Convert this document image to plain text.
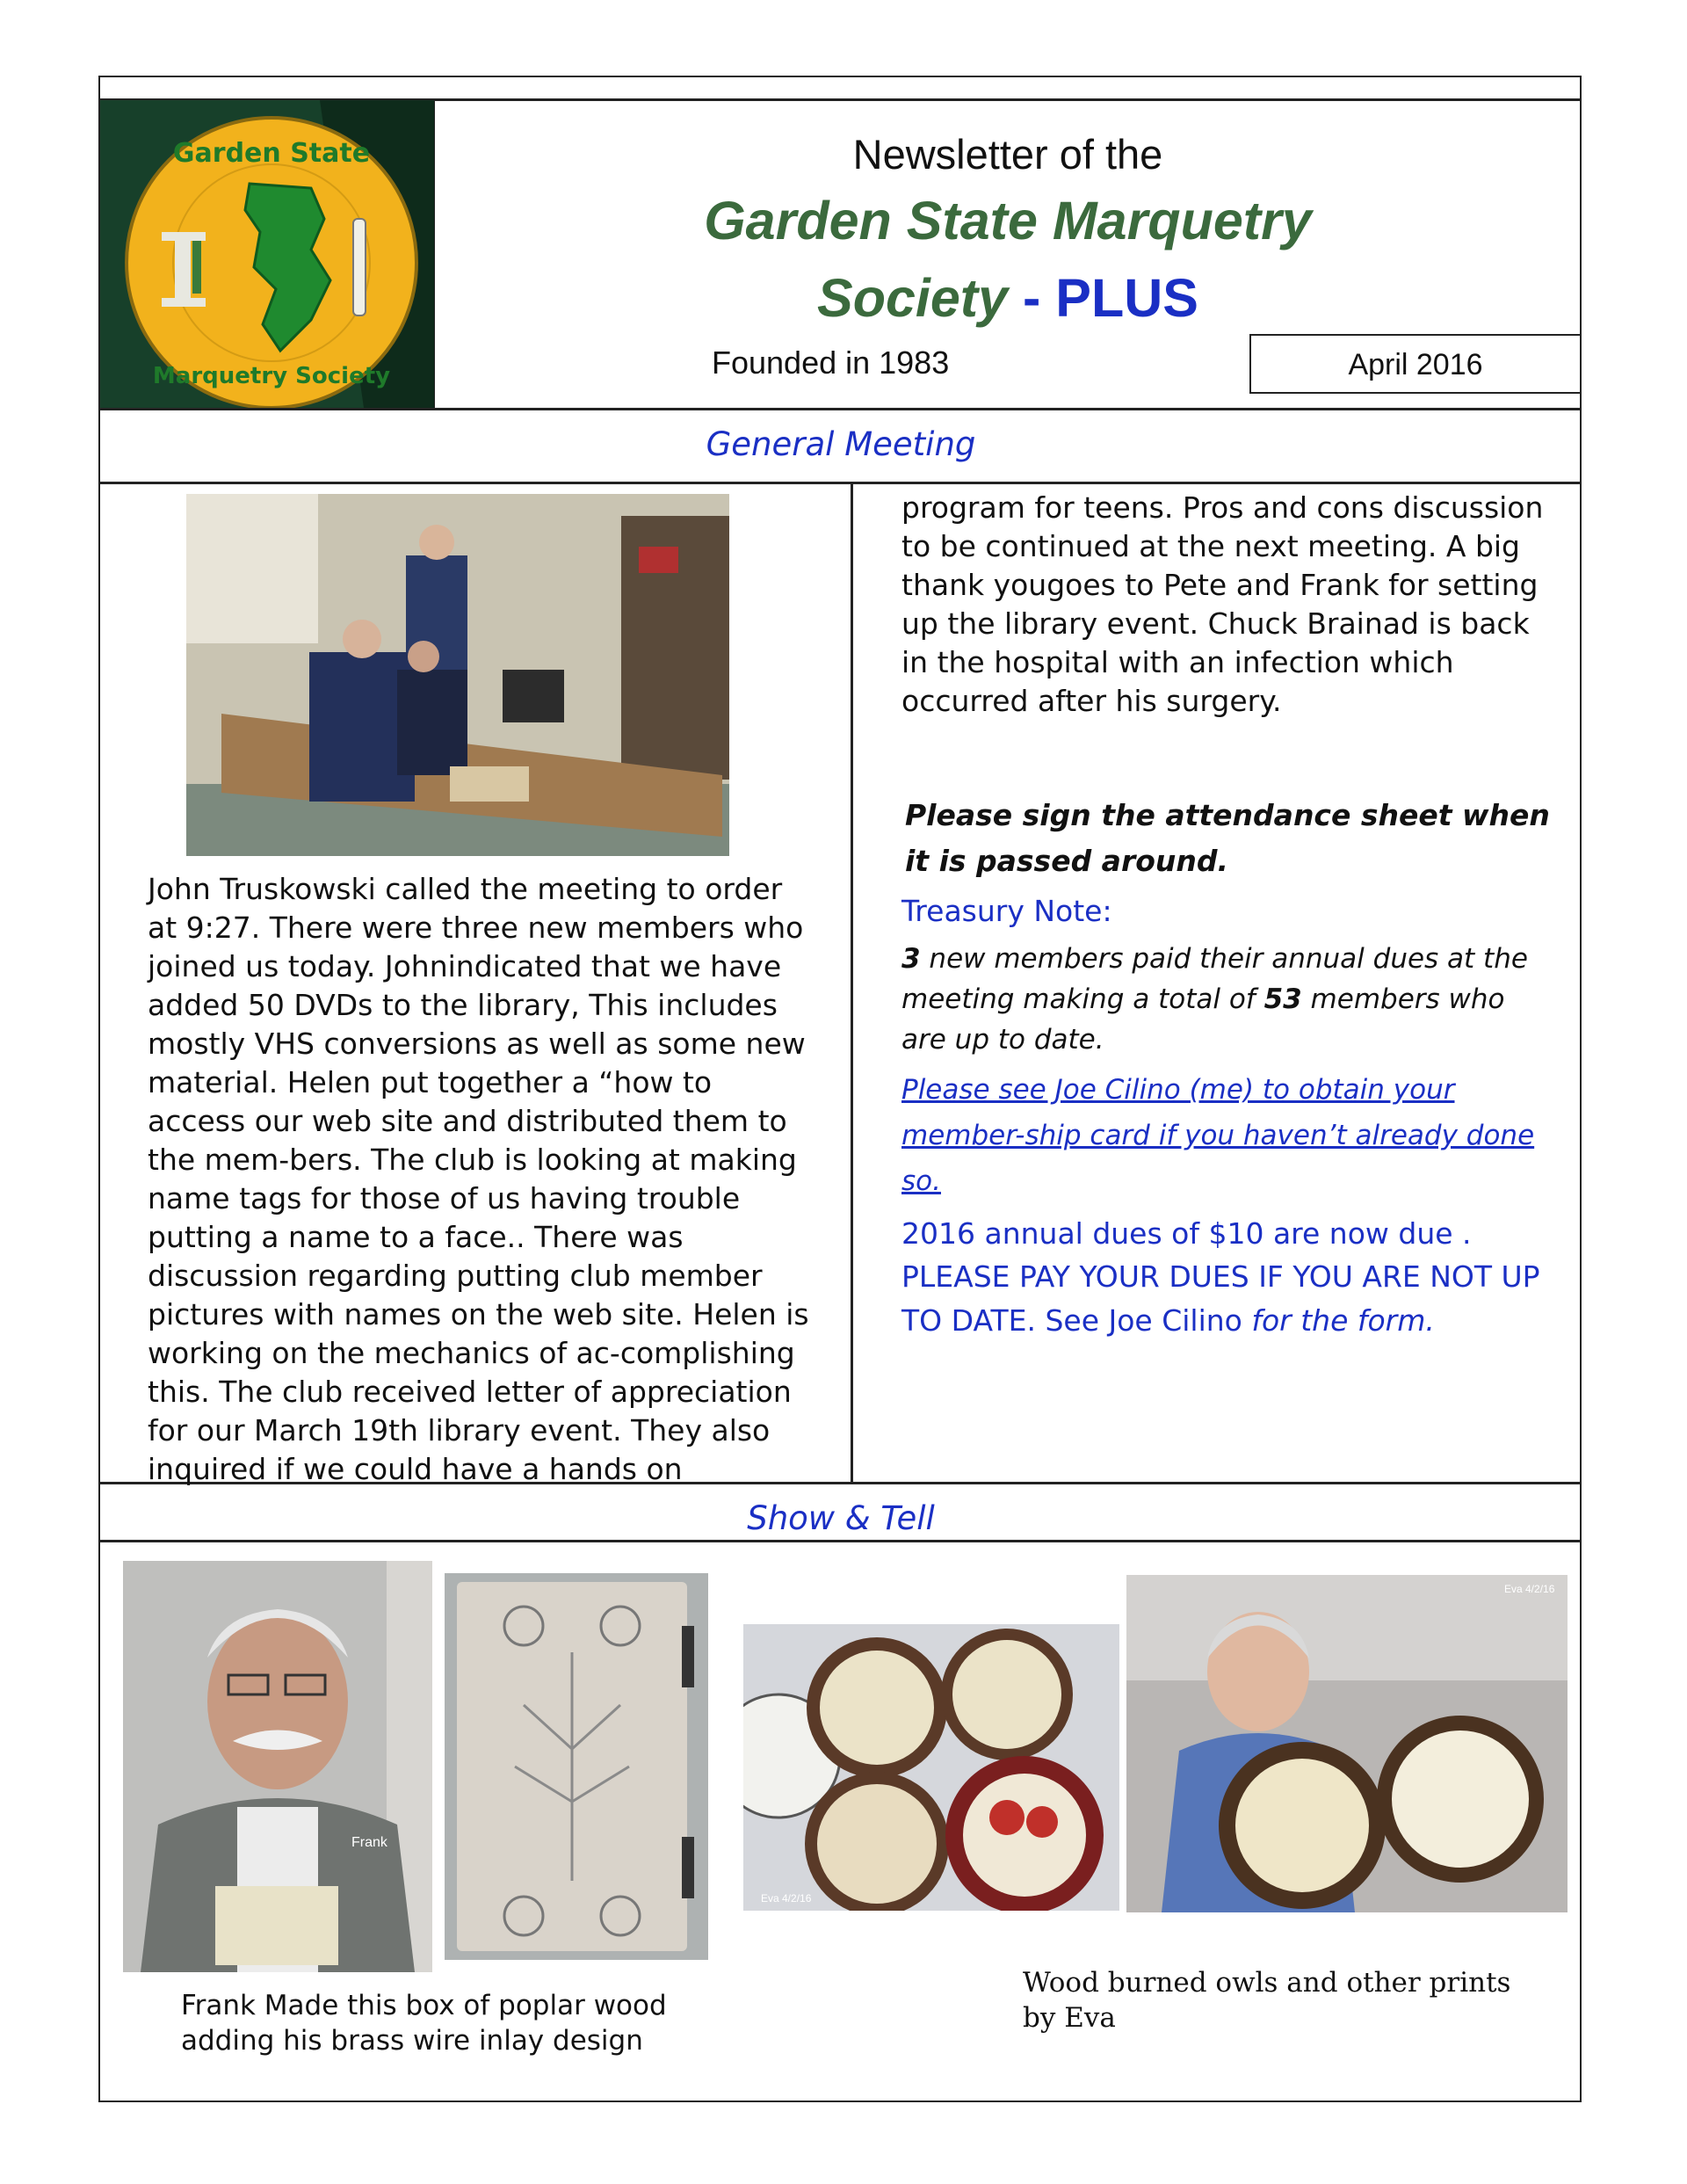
Garden State
Marquetry Society
Newsletter of the
Garden State Marquetry
Society - PLUS
Founded in 1983	April 2016
General Meeting
John Truskowski called the meeting to order at 9:27. There were three new members who joined us today. Johnindicated that we have added 50 DVDs to the library, This includes mostly VHS conversions as well as some new material. Helen put together a “how to access our web site and distributed them to the mem-bers. The club is looking at making name tags for those of us having trouble putting a name to a face.. There was discussion regarding putting club member pictures with names on the web site. Helen is working on the mechanics of ac-complishing this. The club received letter of appreciation for our March 19th library event. They also inquired if we could have a hands on
program for teens. Pros and cons discussion to be continued at the next meeting. A big thank yougoes to Pete and Frank for setting up the library event. Chuck Brainad is back in the hospital with an infection which occurred after his surgery.
Please sign the attendance sheet when it is passed around.
Treasury Note:
3 new members paid their annual dues at the meeting making a total of 53 members who are up to date.
Please see Joe Cilino (me) to obtain your member-ship card if you haven’t already done so.
2016 annual dues of $10 are now due .
PLEASE PAY YOUR DUES IF YOU ARE NOT UP TO DATE. See Joe Cilino for the form.
Show & Tell
Frank
Eva 4/2/16
Eva 4/2/16
Frank Made this box of poplar wood adding his brass wire inlay design
Wood burned owls and other prints by Eva
